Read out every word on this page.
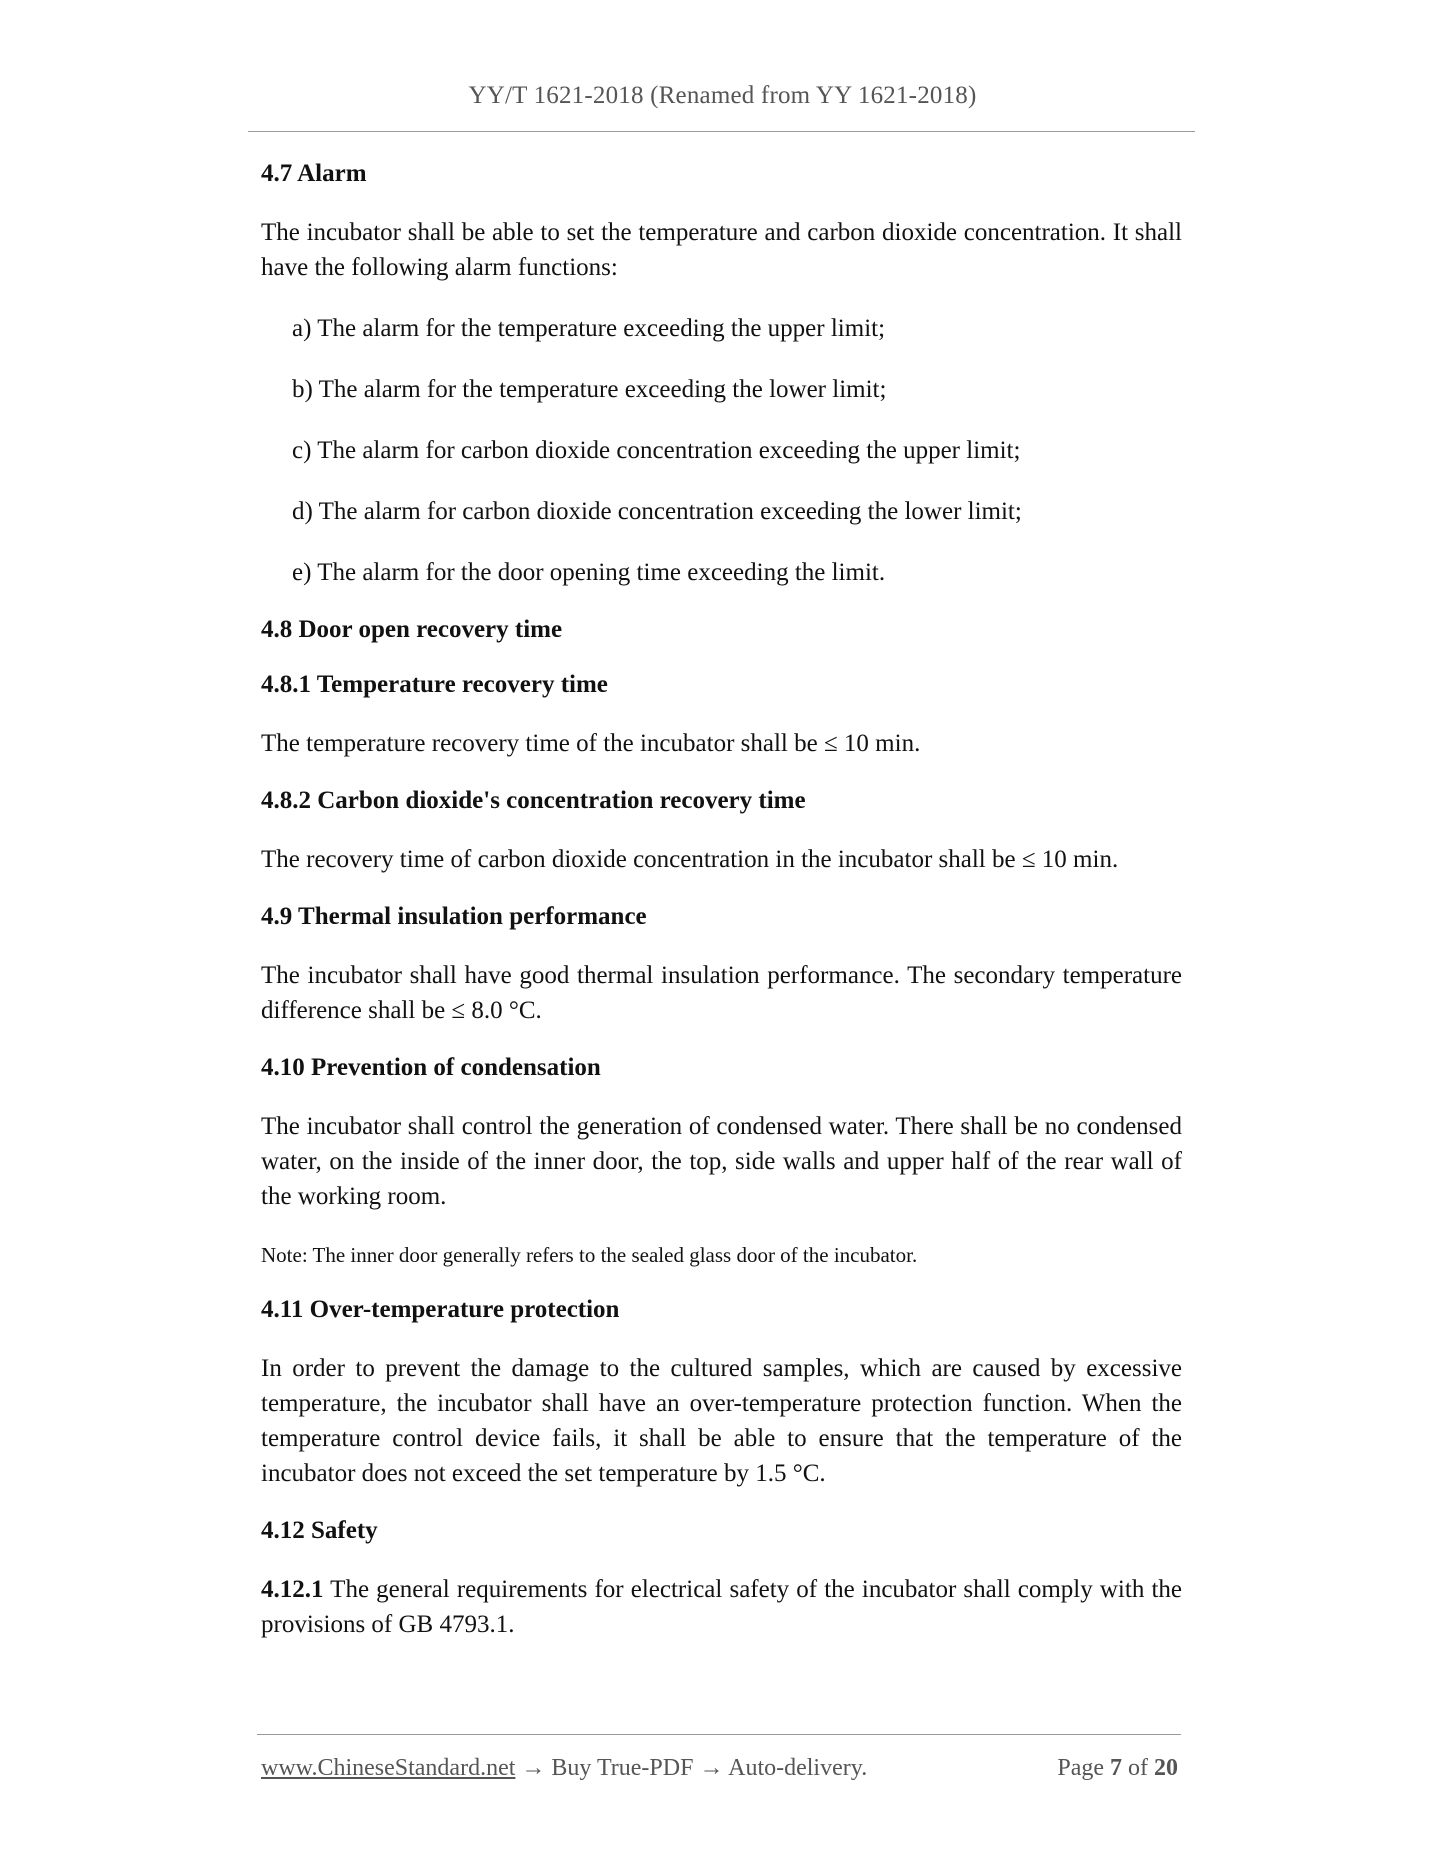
YY/T 1621-2018 (Renamed from YY 1621-2018)

4.7 Alarm

The incubator shall be able to set the temperature and carbon dioxide concentration. It shall have the following alarm functions:

a) The alarm for the temperature exceeding the upper limit;

b) The alarm for the temperature exceeding the lower limit;

c) The alarm for carbon dioxide concentration exceeding the upper limit;

d) The alarm for carbon dioxide concentration exceeding the lower limit;

e) The alarm for the door opening time exceeding the limit.

4.8 Door open recovery time

4.8.1 Temperature recovery time

The temperature recovery time of the incubator shall be ≤ 10 min.

4.8.2 Carbon dioxide's concentration recovery time

The recovery time of carbon dioxide concentration in the incubator shall be ≤ 10 min.

4.9 Thermal insulation performance

The incubator shall have good thermal insulation performance. The secondary temperature difference shall be ≤ 8.0 °C.

4.10 Prevention of condensation

The incubator shall control the generation of condensed water. There shall be no condensed water, on the inside of the inner door, the top, side walls and upper half of the rear wall of the working room.

Note: The inner door generally refers to the sealed glass door of the incubator.

4.11 Over-temperature protection

In order to prevent the damage to the cultured samples, which are caused by excessive temperature, the incubator shall have an over-temperature protection function. When the temperature control device fails, it shall be able to ensure that the temperature of the incubator does not exceed the set temperature by 1.5 °C.

4.12 Safety

4.12.1 The general requirements for electrical safety of the incubator shall comply with the provisions of GB 4793.1.

www.ChineseStandard.net → Buy True-PDF → Auto-delivery.	Page 7 of 20
